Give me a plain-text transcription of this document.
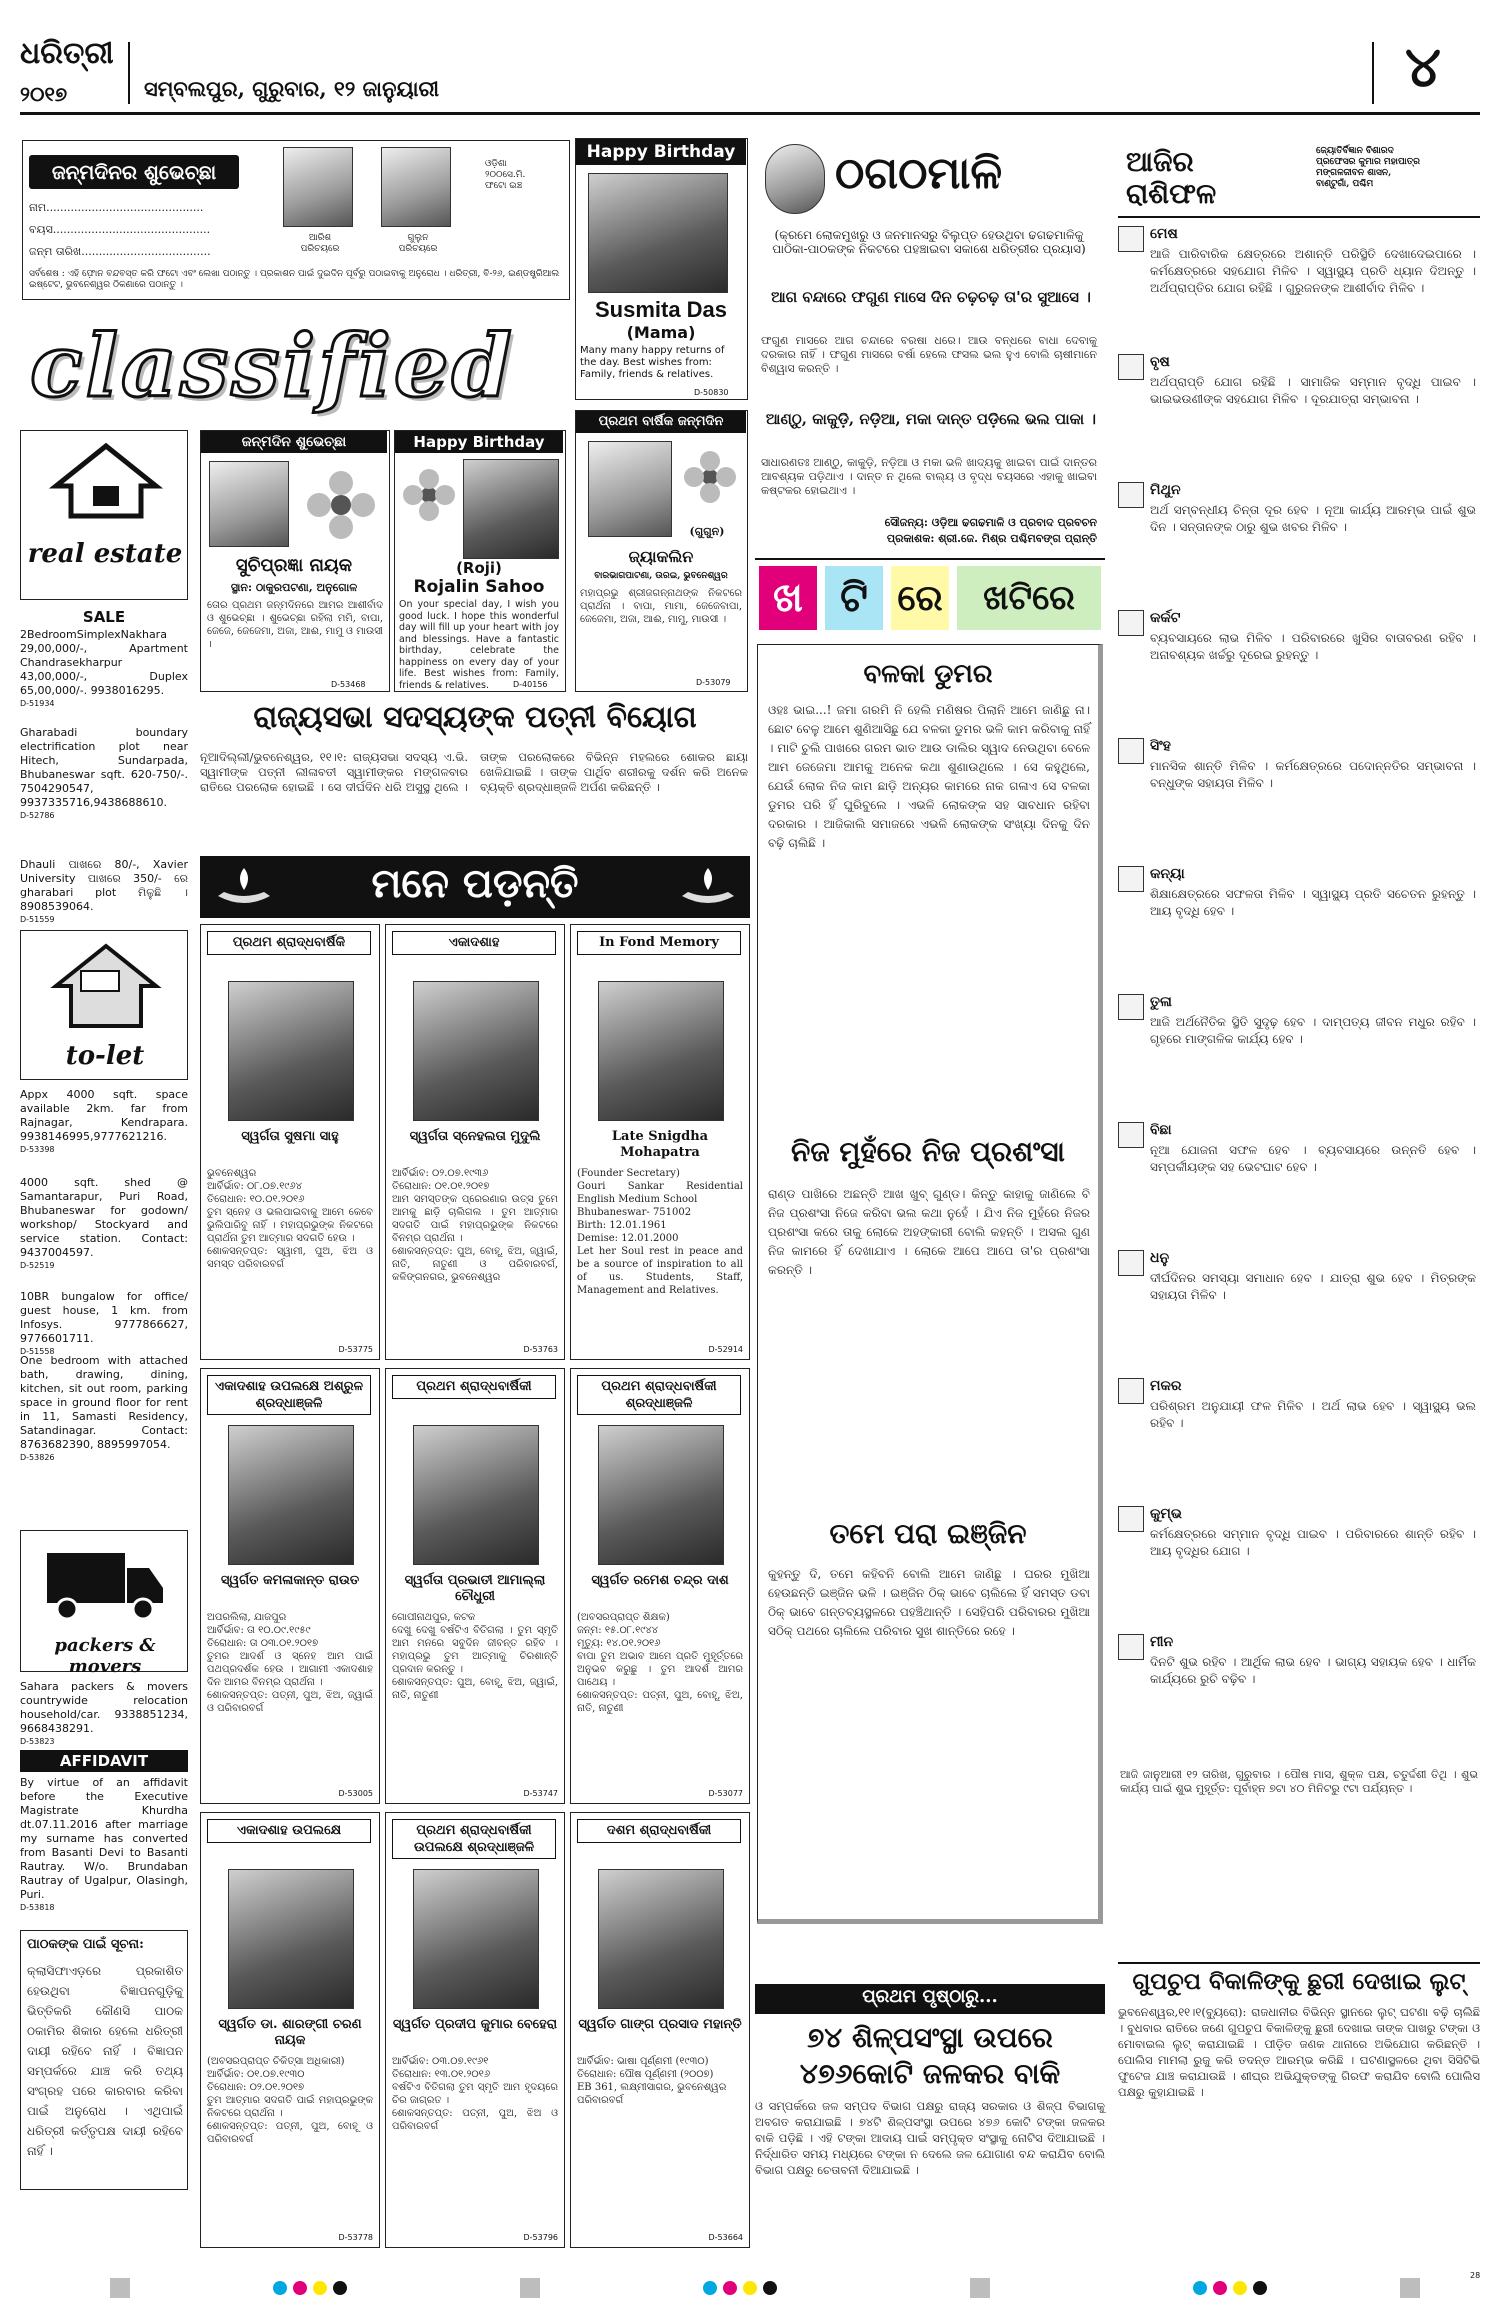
ଧରିତ୍ରୀ
୨୦୧୭	ସମ୍ବଲପୁର, ଗୁରୁବାର, ୧୨ ଜାନୁୟାରୀ	୪
ଜନ୍ମଦିନର ଶୁଭେଚ୍ଛା
ନାମ.............................................
ବୟସ.............................................
ଜନ୍ମ ତାରିଖ.....................................
ଆରିଶ
ପରିଚୟରେ
ଗୁଲୁନ
ପରିଚୟରେ
ଓଡ଼ିଶା
୨୦୦ସେ.ମି.
ଫଟୋ ଇଞ୍ଚ
ସର୍ବଶେଷ : ଏହି ଫ଼ୋନ ବନ୍ଦବସ୍ତ କରି ଫଟୋ ଏବଂ ଲେଖା ପଠାନ୍ତୁ । ପ୍ରକାଶନ ପାଇଁ ଦୁଇଦିନ ପୂର୍ବରୁ ପଠାଇବାକୁ ଅନୁରୋଧ । ଧରିତ୍ରୀ, ବି-୨୬, ଇଣ୍ଡଷ୍ଟ୍ରିଆଲ ଇଷ୍ଟେଟ, ଭୁବନେଶ୍ୱର ଠିକଣାରେ ପଠାନ୍ତୁ ।
Happy Birthday
Susmita Das
(Mama)
Many many happy returns of the day. Best wishes from: Family, friends & relatives.
D-50830
classified
ଠଗଠମାଳି
(କ୍ରମେ ଲୋକମୁଖରୁ ଓ ଜନମାନସରୁ ବିଲୁପ୍ତ ହେଉଥିବା ଢଗଢମାଳିକୁ ପାଠିକା-ପାଠକଙ୍କ ନିକଟରେ ପହଞ୍ଚାଇବା ସକାଶେ ଧରିତ୍ରୀର ପ୍ରୟାସ)
ଆଗ ବନ୍ଦାରେ ଫଗୁଣ ମାସେ ଦିନ ଚଢ଼ଚଢ଼ ତା'ର ସୁଆସେ ।
ଫଗୁଣ ମାସରେ ଆଗ ଚନ୍ଦାରେ ବରଷା ଧରେ। ଆଉ ବନ୍ଧରେ ବାଧା ଦେବାକୁ ଦରକାର ନାହିଁ । ଫଗୁଣ ମାସରେ ବର୍ଷା ହେଲେ ଫସଲ ଭଲ ହୁଏ ବୋଲି ଚାଷୀମାନେ ବିଶ୍ୱାସ କରନ୍ତି ।
ଆଣ୍ଠୁ, କାକୁଡ଼ି, ନଡ଼ିଆ, ମକା ଦାନ୍ତ ପଡ଼ିଲେ ଭଲ ପାକା ।
ସାଧାରଣତଃ ଆଣ୍ଠୁ, କାକୁଡ଼ି, ନଡ଼ିଆ ଓ ମକା ଭଳି ଖାଦ୍ୟକୁ ଖାଇବା ପାଇଁ ଦାନ୍ତର ଆବଶ୍ୟକ ପଡ଼ିଥାଏ । ଦାନ୍ତ ନ ଥିଲେ ବାଲ୍ୟ ଓ ବୃଦ୍ଧ ବୟସରେ ଏହାକୁ ଖାଇବା କଷ୍ଟକର ହୋଇଥାଏ ।
ସୌଜନ୍ୟ: ଓଡ଼ିଆ ଢଗଢମାଳି ଓ ପ୍ରବାଦ ପ୍ରବଚନ
ପ୍ରକାଶକ: ଶ୍ରୀ.ଜେ. ମିଶ୍ର ପଶ୍ଚିମବଙ୍ଗ ପ୍ରାନ୍ତି
ଆଜିର ରାଶିଫଳ
ଜ୍ୟୋତିର୍ବିଜ୍ଞାନ ବିଶାରଦ
ପ୍ରଫେସର କୁମାର ମହାପାତ୍ର
ମଙ୍ଗଳଜୀବନ ଶାସନ,
ବାଣ୍ଟୁଗାଁ, ପଶ୍ଚିମ
ମେଷ
ଆଜି ପାରିବାରିକ କ୍ଷେତ୍ରରେ ଅଶାନ୍ତି ପରିସ୍ଥିତି ଦେଖାଦେଇପାରେ । କର୍ମକ୍ଷେତ୍ରରେ ସହଯୋଗ ମିଳିବ । ସ୍ୱାସ୍ଥ୍ୟ ପ୍ରତି ଧ୍ୟାନ ଦିଅନ୍ତୁ । ଅର୍ଥପ୍ରାପ୍ତିର ଯୋଗ ରହିଛି । ଗୁରୁଜନଙ୍କ ଆଶୀର୍ବାଦ ମିଳିବ ।
ବୃଷ
ଅର୍ଥପ୍ରାପ୍ତି ଯୋଗ ରହିଛି । ସାମାଜିକ ସମ୍ମାନ ବୃଦ୍ଧି ପାଇବ । ଭାଇଭଉଣୀଙ୍କ ସହଯୋଗ ମିଳିବ । ଦୂରଯାତ୍ରା ସମ୍ଭାବନା ।
ମିଥୁନ
ଅର୍ଥ ସମ୍ବନ୍ଧୀୟ ଚିନ୍ତା ଦୂର ହେବ । ନୂଆ କାର୍ଯ୍ୟ ଆରମ୍ଭ ପାଇଁ ଶୁଭ ଦିନ । ସନ୍ତାନଙ୍କ ଠାରୁ ଶୁଭ ଖବର ମିଳିବ ।
କର୍କଟ
ବ୍ୟବସାୟରେ ଲାଭ ମିଳିବ । ପରିବାରରେ ଖୁସିର ବାତାବରଣ ରହିବ । ଅନାବଶ୍ୟକ ଖର୍ଚ୍ଚରୁ ଦୂରେଇ ରୁହନ୍ତୁ ।
ସିଂହ
ମାନସିକ ଶାନ୍ତି ମିଳିବ । କର୍ମକ୍ଷେତ୍ରରେ ପଦୋନ୍ନତିର ସମ୍ଭାବନା । ବନ୍ଧୁଙ୍କ ସହାୟତା ମିଳିବ ।
କନ୍ୟା
ଶିକ୍ଷାକ୍ଷେତ୍ରରେ ସଫଳତା ମିଳିବ । ସ୍ୱାସ୍ଥ୍ୟ ପ୍ରତି ସଚେତନ ରୁହନ୍ତୁ । ଆୟ ବୃଦ୍ଧି ହେବ ।
ତୁଳା
ଆଜି ଅର୍ଥନୈତିକ ସ୍ଥିତି ସୁଦୃଢ଼ ହେବ । ଦାମ୍ପତ୍ୟ ଜୀବନ ମଧୁର ରହିବ । ଗୃହରେ ମାଙ୍ଗଳିକ କାର୍ଯ୍ୟ ହେବ ।
ବିଛା
ନୂଆ ଯୋଜନା ସଫଳ ହେବ । ବ୍ୟବସାୟରେ ଉନ୍ନତି ହେବ । ସମ୍ପର୍କୀୟଙ୍କ ସହ ଭେଟଘାଟ ହେବ ।
ଧନୁ
ଦୀର୍ଘଦିନର ସମସ୍ୟା ସମାଧାନ ହେବ । ଯାତ୍ରା ଶୁଭ ହେବ । ମିତ୍ରଙ୍କ ସହାୟତା ମିଳିବ ।
ମକର
ପରିଶ୍ରମ ଅନୁଯାୟୀ ଫଳ ମିଳିବ । ଅର୍ଥ ଲାଭ ହେବ । ସ୍ୱାସ୍ଥ୍ୟ ଭଲ ରହିବ ।
କୁମ୍ଭ
କର୍ମକ୍ଷେତ୍ରରେ ସମ୍ମାନ ବୃଦ୍ଧି ପାଇବ । ପରିବାରରେ ଶାନ୍ତି ରହିବ । ଆୟ ବୃଦ୍ଧିର ଯୋଗ ।
ମୀନ
ଦିନଟି ଶୁଭ ରହିବ । ଆର୍ଥିକ ଲାଭ ହେବ । ଭାଗ୍ୟ ସହାୟକ ହେବ । ଧାର୍ମିକ କାର୍ଯ୍ୟରେ ରୁଚି ବଢ଼ିବ ।
ଆଜି ଜାନୁଆରୀ ୧୨ ତାରିଖ, ଗୁରୁବାର । ପୌଷ ମାସ, ଶୁକ୍ଳ ପକ୍ଷ, ଚତୁର୍ଦ୍ଦଶୀ ତିଥି । ଶୁଭ କାର୍ଯ୍ୟ ପାଇଁ ଶୁଭ ମୁହୂର୍ତ୍ତ: ପୂର୍ବାହ୍ନ ୭ଟା ୪୦ ମିନିଟରୁ ୯ଟା ପର୍ଯ୍ୟନ୍ତ ।
real estate
SALE
2BedroomSimplexNakhara 29,00,000/-, Apartment Chandrasekharpur 43,00,000/-, Duplex 65,00,000/-. 9938016295.
D-51934
Gharabadi boundary electrification plot near Hitech, Sundarpada, Bhubaneswar sqft. 620-750/-. 7504290547, 9937335716,9438688610.
D-52786
Dhauli ପାଖରେ 80/-, Xavier University ପାଖରେ 350/- ରେ gharabari plot ମିଳୁଛି । 8908539064.
D-51559
to-let
Appx 4000 sqft. space available 2km. far from Rajnagar, Kendrapara. 9938146995,9777621216.
D-53398
4000 sqft. shed @ Samantarapur, Puri Road, Bhubaneswar for godown/ workshop/ Stockyard and service station. Contact: 9437004597.
D-52519
10BR bungalow for office/ guest house, 1 km. from Infosys. 9777866627, 9776601711.
D-51558
One bedroom with attached bath, drawing, dining, kitchen, sit out room, parking space in ground floor for rent in 11, Samasti Residency, Satandinagar. Contact: 8763682390, 8895997054.
D-53826
packers & movers
Sahara packers & movers countrywide relocation household/car. 9338851234, 9668438291.
D-53823
AFFIDAVIT
By virtue of an affidavit before the Executive Magistrate Khurdha dt.07.11.2016 after marriage my surname has converted from Basanti Devi to Basanti Rautray. W/o. Brundaban Rautray of Ugalpur, Olasingh, Puri.
D-53818
ପାଠକଙ୍କ ପାଇଁ ସୂଚନା:
କ୍ଲାସିଫାଏଡ଼ରେ ପ୍ରକାଶିତ ହେଉଥିବା ବିଜ୍ଞାପନଗୁଡ଼ିକୁ ଭିତ୍ତିକରି କୌଣସି ପାଠକ ଠକାମିର ଶିକାର ହେଲେ ଧରିତ୍ରୀ ଦାୟୀ ରହିବେ ନାହିଁ । ବିଜ୍ଞାପନ ସମ୍ପର୍କରେ ଯାଞ୍ଚ କରି ତଥ୍ୟ ସଂଗ୍ରହ ପରେ କାରବାର କରିବା ପାଇଁ ଅନୁରୋଧ । ଏଥିପାଇଁ ଧରିତ୍ରୀ କର୍ତ୍ତୃପକ୍ଷ ଦାୟୀ ରହିବେ ନାହିଁ ।
ଜନ୍ମଦିନ ଶୁଭେଚ୍ଛା
ସୁଚିପ୍ରଜ୍ଞା ନାୟକ
ସ୍ଥାନ: ଠାକୁରପଟଣା, ଅନୁଗୋଳ
ତୋର ପ୍ରଥମ ଜନ୍ମଦିନରେ ଆମର ଆଶୀର୍ବାଦ ଓ ଶୁଭେଚ୍ଛା । ଶୁଭେଚ୍ଛା ରହିଲା ମମି, ବାପା, ଜେଜେ, ଜେଜେମା, ଅଜା, ଆଈ, ମାମୁ ଓ ମାଉସୀ ।
D-53468
Happy Birthday
(Roji)
Rojalin Sahoo
On your special day, I wish you good luck. I hope this wonderful day will fill up your heart with joy and blessings. Have a fantastic birthday, celebrate the happiness on every day of your life. Best wishes from: Family, friends & relatives.	D-40156
ପ୍ରଥମ ବାର୍ଷିକ ଜନ୍ମଦିନ
(ଗୁଗୁନ)
ଜ୍ୟାକଲିନ
ବାରଭାଗପାଟଣା, ଉରଇ, ଭୁବନେଶ୍ୱର
ମହାପ୍ରଭୁ ଶ୍ରୀଜଗନ୍ନାଥଙ୍କ ନିକଟରେ ପ୍ରାର୍ଥନା । ବାପା, ମାମା, ଜେଜେବାପା, ଜେଜେମା, ଅଜା, ଆଈ, ମାମୁ, ମାଉସୀ ।
D-53079
ରାଜ୍ୟସଭା ସଦସ୍ୟଙ୍କ ପତ୍ନୀ ବିୟୋଗ
ନୂଆଦିଲ୍ଲୀ/ଭୁବନେଶ୍ୱର, ୧୧।୧: ରାଜ୍ୟସଭା ସଦସ୍ୟ ଏ.ଭି. ସ୍ୱାମୀଙ୍କ ପତ୍ନୀ ଲୀଳାବତୀ ସ୍ୱାମୀଙ୍କର ମଙ୍ଗଳବାର ରାତିରେ ପରଲୋକ ହୋଇଛି । ସେ ଦୀର୍ଘଦିନ ଧରି ଅସୁସ୍ଥ ଥିଲେ । ତାଙ୍କ ପରଲୋକରେ ବିଭିନ୍ନ ମହଲରେ ଶୋକର ଛାୟା ଖେଳିଯାଇଛି । ତାଙ୍କ ପାର୍ଥିବ ଶରୀରକୁ ଦର୍ଶନ କରି ଅନେକ ବ୍ୟକ୍ତି ଶ୍ରଦ୍ଧାଞ୍ଜଳି ଅର୍ପଣ କରିଛନ୍ତି ।
ମନେ ପଡ଼ନ୍ତି
ପ୍ରଥମ ଶ୍ରାଦ୍ଧବାର୍ଷିକି
ସ୍ୱର୍ଗତା ସୁଷମା ସାହୁ
ଭୁବନେଶ୍ୱର
ଆର୍ବିର୍ଭାବ: ୦୮.୦୭.୧୯୬୪
ତିରୋଧାନ: ୧୦.୦୧.୨୦୧୬
ତୁମ ସ୍ନେହ ଓ ଭଲପାଇବାକୁ ଆମେ କେବେ ଭୁଲିପାରିବୁ ନାହିଁ । ମହାପ୍ରଭୁଙ୍କ ନିକଟରେ ପ୍ରାର୍ଥନା ତୁମ ଆତ୍ମାର ସଦଗତି ହେଉ ।
ଶୋକସନ୍ତପ୍ତ: ସ୍ୱାମୀ, ପୁଅ, ଝିଅ ଓ ସମସ୍ତ ପରିବାରବର୍ଗ
D-53775
ଏକାଦଶାହ
ସ୍ୱର୍ଗତା ସ୍ନେହଲତା ମୁଦୁଲି
ଆର୍ବିର୍ଭାବ: ୦୨.୦୭.୧୯୩୬
ତିରୋଧାନ: ୦୧.୦୧.୨୦୧୭
ଆମ ସମସ୍ତଙ୍କ ପ୍ରେରଣାର ଉତ୍ସ ତୁମେ ଆମକୁ ଛାଡ଼ି ଚାଲିଗଲ । ତୁମ ଆତ୍ମାର ସଦଗତି ପାଇଁ ମହାପ୍ରଭୁଙ୍କ ନିକଟରେ ବିନମ୍ର ପ୍ରାର୍ଥନା ।
ଶୋକସନ୍ତପ୍ତ: ପୁଅ, ବୋହୂ, ଝିଅ, ଜ୍ୱାଇଁ, ନାତି, ନାତୁଣୀ ଓ ପରିବାରବର୍ଗ, କଳିଙ୍ଗନଗର, ଭୁବନେଶ୍ୱର
D-53763
In Fond Memory
Late Snigdha Mohapatra
(Founder Secretary)
Gouri Sankar Residential English Medium School
Bhubaneswar- 751002
Birth: 12.01.1961
Demise: 12.01.2000
Let her Soul rest in peace and be a source of inspiration to all of us. Students, Staff, Management and Relatives.
D-52914
ଏକାଦଶାହ ଉପଲକ୍ଷେ ଅଶ୍ରୁଳ ଶ୍ରଦ୍ଧାଞ୍ଜଳି
ସ୍ୱର୍ଗତ କମଳାକାନ୍ତ ରାଉତ
ଅପରଲିଲା, ଯାଜପୁର
ଆର୍ବିର୍ଭାବ: ତା ୧୦.୦୯.୧୯୫୯
ତିରୋଧାନ: ତା ୦୩.୦୧.୨୦୧୭
ତୁମର ଆଦର୍ଶ ଓ ସ୍ନେହ ଆମ ପାଇଁ ପଥପ୍ରଦର୍ଶକ ହେଉ । ଆଗାମୀ ଏକାଦଶାହ ଦିନ ଆମର ବିନମ୍ର ପ୍ରାର୍ଥନା ।
ଶୋକସନ୍ତପ୍ତ: ପତ୍ନୀ, ପୁଅ, ଝିଅ, ଜ୍ୱାଇଁ ଓ ପରିବାରବର୍ଗ
D-53005
ପ୍ରଥମ ଶ୍ରାଦ୍ଧବାର୍ଷିକୀ
ସ୍ୱର୍ଗତା ପ୍ରଭାତୀ ଆମାଲ୍ଲା ଚୌଧୁରୀ
ଗୋପୀନାଥପୁର, କଟକ
ଦେଖୁ ଦେଖୁ ବର୍ଷଟିଏ ବିତିଗଲା । ତୁମ ସ୍ମୃତି ଆମ ମନରେ ସବୁଦିନ ଜୀବନ୍ତ ରହିବ । ମହାପ୍ରଭୁ ତୁମ ଆତ୍ମାକୁ ଚିରଶାନ୍ତି ପ୍ରଦାନ କରନ୍ତୁ ।
ଶୋକସନ୍ତପ୍ତ: ପୁଅ, ବୋହୂ, ଝିଅ, ଜ୍ୱାଇଁ, ନାତି, ନାତୁଣୀ
D-53747
ପ୍ରଥମ ଶ୍ରାଦ୍ଧବାର୍ଷିକୀ ଶ୍ରଦ୍ଧାଞ୍ଜଳି
ସ୍ୱର୍ଗତ ରମେଶ ଚନ୍ଦ୍ର ଦାଶ
(ଅବସରପ୍ରାପ୍ତ ଶିକ୍ଷକ)
ଜନ୍ମ: ୧୫.୦୮.୧୯୪୪
ମୃତ୍ୟୁ: ୧୪.୦୧.୨୦୧୬
ବାପା ତୁମ ଅଭାବ ଆମେ ପ୍ରତି ମୁହୂର୍ତ୍ତରେ ଅନୁଭବ କରୁଛୁ । ତୁମ ଆଦର୍ଶ ଆମର ପାଥେୟ ।
ଶୋକସନ୍ତପ୍ତ: ପତ୍ନୀ, ପୁଅ, ବୋହୂ, ଝିଅ, ନାତି, ନାତୁଣୀ
D-53077
ଏକାଦଶାହ ଉପଲକ୍ଷେ
ସ୍ୱର୍ଗତ ଡା. ଶାରଙ୍ଗୀ ଚରଣ ନାୟକ
(ଅବସରପ୍ରାପ୍ତ ଚିକିତ୍ସା ଅଧିକାରୀ)
ଆର୍ବିର୍ଭାବ: ୦୧.୦୭.୧୯୩୦
ତିରୋଧାନ: ୦୨.୦୧.୨୦୧୭
ତୁମ ଆତ୍ମାର ସଦଗତି ପାଇଁ ମହାପ୍ରଭୁଙ୍କ ନିକଟରେ ପ୍ରାର୍ଥନା ।
ଶୋକସନ୍ତପ୍ତ: ପତ୍ନୀ, ପୁଅ, ବୋହୂ ଓ ପରିବାରବର୍ଗ
D-53778
ପ୍ରଥମ ଶ୍ରାଦ୍ଧବାର୍ଷିକୀ ଉପଲକ୍ଷେ ଶ୍ରଦ୍ଧାଞ୍ଜଳି
ସ୍ୱର୍ଗତ ପ୍ରଦୀପ କୁମାର ବେହେରା
ଆର୍ବିର୍ଭାବ: ୦୩.୦୭.୧୯୬୧
ତିରୋଧାନ: ୧୩.୦୧.୨୦୧୬
ବର୍ଷଟିଏ ବିତିଗଲା ତୁମ ସ୍ମୃତି ଆମ ହୃଦୟରେ ଚିର ଜାଗ୍ରତ ।
ଶୋକସନ୍ତପ୍ତ: ପତ୍ନୀ, ପୁଅ, ଝିଅ ଓ ପରିବାରବର୍ଗ
D-53796
ଦଶମ ଶ୍ରାଦ୍ଧବାର୍ଷିକୀ
ସ୍ୱର୍ଗତ ଗାଙ୍ଗ ପ୍ରସାଦ ମହାନ୍ତି
ଆର୍ବିର୍ଭାବ: ଭାଷା ପୂର୍ଣ୍ଣମୀ (୧୯୩୦)
ତିରୋଧାନ: ପୌଷ ପୂର୍ଣ୍ଣମୀ (୨୦୦୭)
EB 361, ଲକ୍ଷ୍ମୀସାଗର, ଭୁବନେଶ୍ୱର
ପରିବାରବର୍ଗ
D-53664
ଖ ଟି ରେ	ଖଟିରେ
ବଳକା ଡୁମର
ଓହଃ ଭାଇ...! ଜମା ଗରମି ନି ହେଲି ମଣିଷର ପିଲାନି ଆମେ ଜାଣିଛୁ ନା। ଛୋଟ ବେଳୁ ଆମେ ଶୁଣିଆସିଛୁ ଯେ ବଳକା ଡୁମର ଭଳି କାମ କରିବାକୁ ନାହିଁ । ମାଟି ଚୁଲି ପାଖରେ ଗରମ ଭାତ ଆଉ ଡାଲିର ସ୍ୱାଦ ନେଉଥିବା ବେଳେ ଆମ ଜେଜେମା ଆମକୁ ଅନେକ କଥା ଶୁଣାଉଥିଲେ । ସେ କହୁଥିଲେ, ଯେଉଁ ଲୋକ ନିଜ କାମ ଛାଡ଼ି ଅନ୍ୟର କାମରେ ନାକ ଗଳାଏ ସେ ବଳକା ଡୁମର ପରି ହିଁ ଘୁରିବୁଲେ । ଏଭଳି ଲୋକଙ୍କ ସହ ସାବଧାନ ରହିବା ଦରକାର । ଆଜିକାଲି ସମାଜରେ ଏଭଳି ଲୋକଙ୍କ ସଂଖ୍ୟା ଦିନକୁ ଦିନ ବଢ଼ି ଚାଲିଛି ।
ନିଜ ମୁହଁରେ ନିଜ ପ୍ରଶଂସା
ରାଣ୍ଡ ପାଖିରେ ଅଛନ୍ତି ଆଖ ଖୁବ୍ ଗୁଣ୍ଡ। କିନ୍ତୁ କାହାକୁ ଜାଣିଲେ ବି ନିଜ ପ୍ରଶଂସା ନିଜେ କରିବା ଭଲ କଥା ନୁହେଁ । ଯିଏ ନିଜ ମୁହଁରେ ନିଜର ପ୍ରଶଂସା କରେ ତାକୁ ଲୋକେ ଅହଙ୍କାରୀ ବୋଲି କହନ୍ତି । ଅସଲ ଗୁଣ ନିଜ କାମରେ ହିଁ ଦେଖାଯାଏ । ଲୋକେ ଆପେ ଆପେ ତା'ର ପ୍ରଶଂସା କରନ୍ତି ।
ତମେ ପରା ଇଞ୍ଜିନ
କୁହନ୍ତୁ ଦି, ତମେ କହିବନି ବୋଲି ଆମେ ଜାଣିଛୁ । ଘରର ମୁଖିଆ ହେଉଛନ୍ତି ଇଞ୍ଜିନ ଭଳି । ଇଞ୍ଜିନ ଠିକ୍ ଭାବେ ଚାଲିଲେ ହିଁ ସମସ୍ତ ଡବା ଠିକ୍ ଭାବେ ଗନ୍ତବ୍ୟସ୍ଥଳରେ ପହଞ୍ଚିଥାନ୍ତି । ସେହିପରି ପରିବାରର ମୁଖିଆ ସଠିକ୍ ପଥରେ ଚାଲିଲେ ପରିବାର ସୁଖ ଶାନ୍ତିରେ ରହେ ।
ପ୍ରଥମ ପୃଷ୍ଠାରୁ...
୭୪ ଶିଳ୍ପସଂସ୍ଥା ଉପରେ ୪୭୬କୋଟି ଜଳକର ବାକି
ଓ ସମ୍ପର୍କରେ ଜଳ ସମ୍ପଦ ବିଭାଗ ପକ୍ଷରୁ ରାଜ୍ୟ ସରକାର ଓ ଶିଳ୍ପ ବିଭାଗକୁ ଅବଗତ କରାଯାଇଛି । ୭୪ଟି ଶିଳ୍ପସଂସ୍ଥା ଉପରେ ୪୭୬ କୋଟି ଟଙ୍କା ଜଳକର ବାକି ପଡ଼ିଛି । ଏହି ଟଙ୍କା ଆଦାୟ ପାଇଁ ସମ୍ପୃକ୍ତ ସଂସ୍ଥାକୁ ନୋଟିସ ଦିଆଯାଇଛି । ନିର୍ଦ୍ଧାରିତ ସମୟ ମଧ୍ୟରେ ଟଙ୍କା ନ ଦେଲେ ଜଳ ଯୋଗାଣ ବନ୍ଦ କରାଯିବ ବୋଲି ବିଭାଗ ପକ୍ଷରୁ ଚେତାବନୀ ଦିଆଯାଇଛି ।
ଗୁପଚୁପ ବିକାଳିଙ୍କୁ ଛୁରୀ ଦେଖାଇ ଲୁଟ୍
ଭୁବନେଶ୍ୱର,୧୧।୧(ବ୍ୟୁରୋ): ରାଜଧାନୀର ବିଭିନ୍ନ ସ୍ଥାନରେ ଲୁଟ୍ ଘଟଣା ବଢ଼ି ଚାଲିଛି । ବୁଧବାର ରାତିରେ ଜଣେ ଗୁପଚୁପ ବିକାଳିଙ୍କୁ ଛୁରୀ ଦେଖାଇ ତାଙ୍କ ପାଖରୁ ଟଙ୍କା ଓ ମୋବାଇଲ ଲୁଟ୍ କରାଯାଇଛି । ପୀଡ଼ିତ ଜଣକ ଥାନାରେ ଅଭିଯୋଗ କରିଛନ୍ତି । ପୋଲିସ ମାମଲା ରୁଜୁ କରି ତଦନ୍ତ ଆରମ୍ଭ କରିଛି । ଘଟଣାସ୍ଥଳରେ ଥିବା ସିସିଟିଭି ଫୁଟେଜ ଯାଞ୍ଚ କରାଯାଉଛି । ଶୀଘ୍ର ଅଭିଯୁକ୍ତଙ୍କୁ ଗିରଫ କରାଯିବ ବୋଲି ପୋଲିସ ପକ୍ଷରୁ କୁହାଯାଇଛି ।
28
